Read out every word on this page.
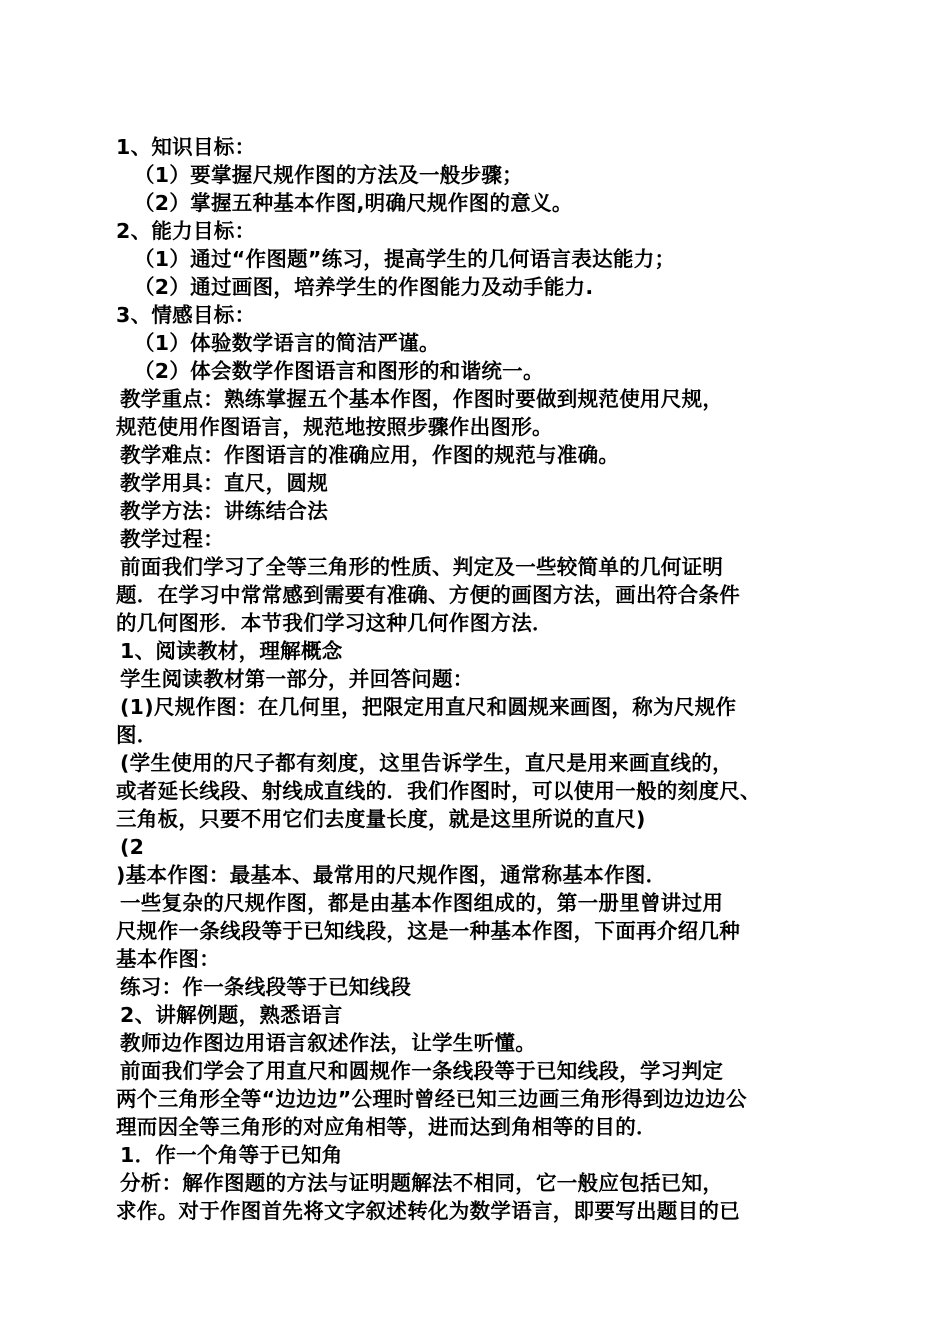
1、知识目标：
（1）要掌握尺规作图的方法及一般步骤；
（2）掌握五种基本作图,明确尺规作图的意义。
2、能力目标：
（1）通过“作图题”练习，提高学生的几何语言表达能力；
（2）通过画图，培养学生的作图能力及动手能力.
3、情感目标：
（1）体验数学语言的简洁严谨。
（2）体会数学作图语言和图形的和谐统一。
教学重点：熟练掌握五个基本作图，作图时要做到规范使用尺规，
规范使用作图语言，规范地按照步骤作出图形。
教学难点：作图语言的准确应用，作图的规范与准确。
教学用具：直尺，圆规
教学方法：讲练结合法
教学过程：
前面我们学习了全等三角形的性质、判定及一些较简单的几何证明
题．在学习中常常感到需要有准确、方便的画图方法，画出符合条件
的几何图形．本节我们学习这种几何作图方法．
1、阅读教材，理解概念
学生阅读教材第一部分，并回答问题：
(1)尺规作图：在几何里，把限定用直尺和圆规来画图，称为尺规作
图．
(学生使用的尺子都有刻度，这里告诉学生，直尺是用来画直线的，
或者延长线段、射线成直线的．我们作图时，可以使用一般的刻度尺、
三角板，只要不用它们去度量长度，就是这里所说的直尺)
(2
)基本作图：最基本、最常用的尺规作图，通常称基本作图．
一些复杂的尺规作图，都是由基本作图组成的，第一册里曾讲过用
尺规作一条线段等于已知线段，这是一种基本作图，下面再介绍几种
基本作图：
练习：作一条线段等于已知线段
2、讲解例题，熟悉语言
教师边作图边用语言叙述作法，让学生听懂。
前面我们学会了用直尺和圆规作一条线段等于已知线段，学习判定
两个三角形全等“边边边”公理时曾经已知三边画三角形得到边边边公
理而因全等三角形的对应角相等，进而达到角相等的目的．
1．作一个角等于已知角
分析：解作图题的方法与证明题解法不相同，它一般应包括已知，
求作。对于作图首先将文字叙述转化为数学语言，即要写出题目的已
